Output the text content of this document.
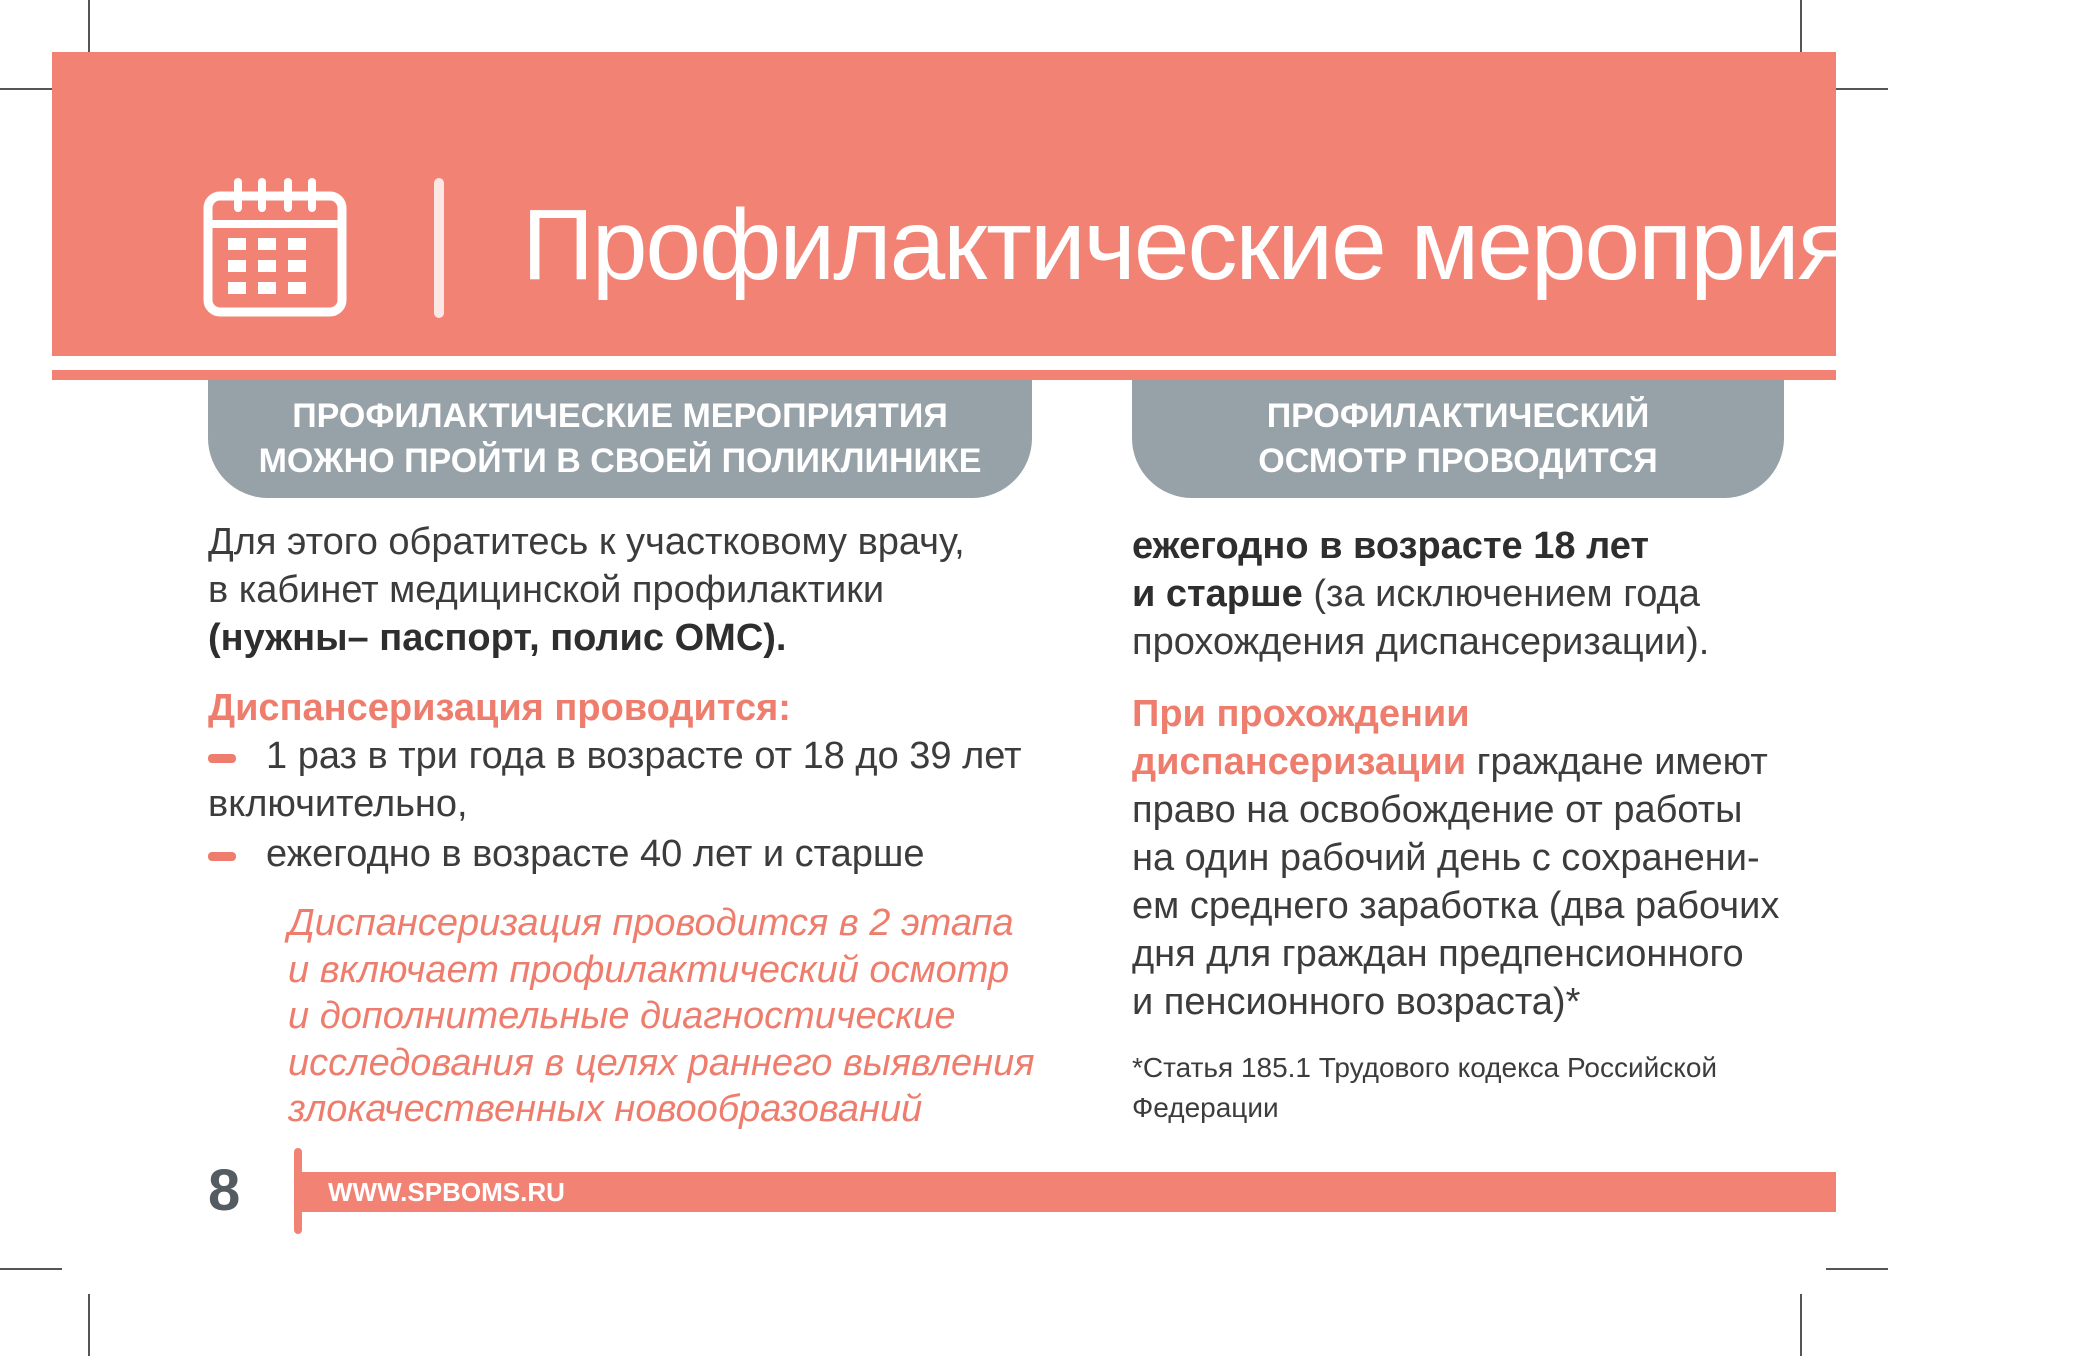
Профилактические мероприятия –
ПРОФИЛАКТИЧЕСКИЕ МЕРОПРИЯТИЯ
МОЖНО ПРОЙТИ В СВОЕЙ ПОЛИКЛИНИКЕ
Для этого обратитесь к участковому врачу,
в кабинет медицинской профилактики
(нужны– паспорт, полис ОМС).
Диспансеризация проводится:
1 раз в три года в возрасте от 18 до 39 лет
включительно,
ежегодно в возрасте 40 лет и старше
Диспансеризация проводится в 2 этапа
и включает профилактический осмотр
и дополнительные диагностические
исследования в целях раннего выявления
злокачественных новообразований
ПРОФИЛАКТИЧЕСКИЙ
ОСМОТР ПРОВОДИТСЯ
ежегодно в возрасте 18 лет
и старше (за исключением года
прохождения диспансеризации).
При прохождении
диспансеризации граждане имеют
право на освобождение от работы
на один рабочий день с сохранени-
ем среднего заработка (два рабочих
дня для граждан предпенсионного
и пенсионного возраста)*
*Статья 185.1 Трудового кодекса Российской
Федерации
8	WWW.SPBOMS.RU
